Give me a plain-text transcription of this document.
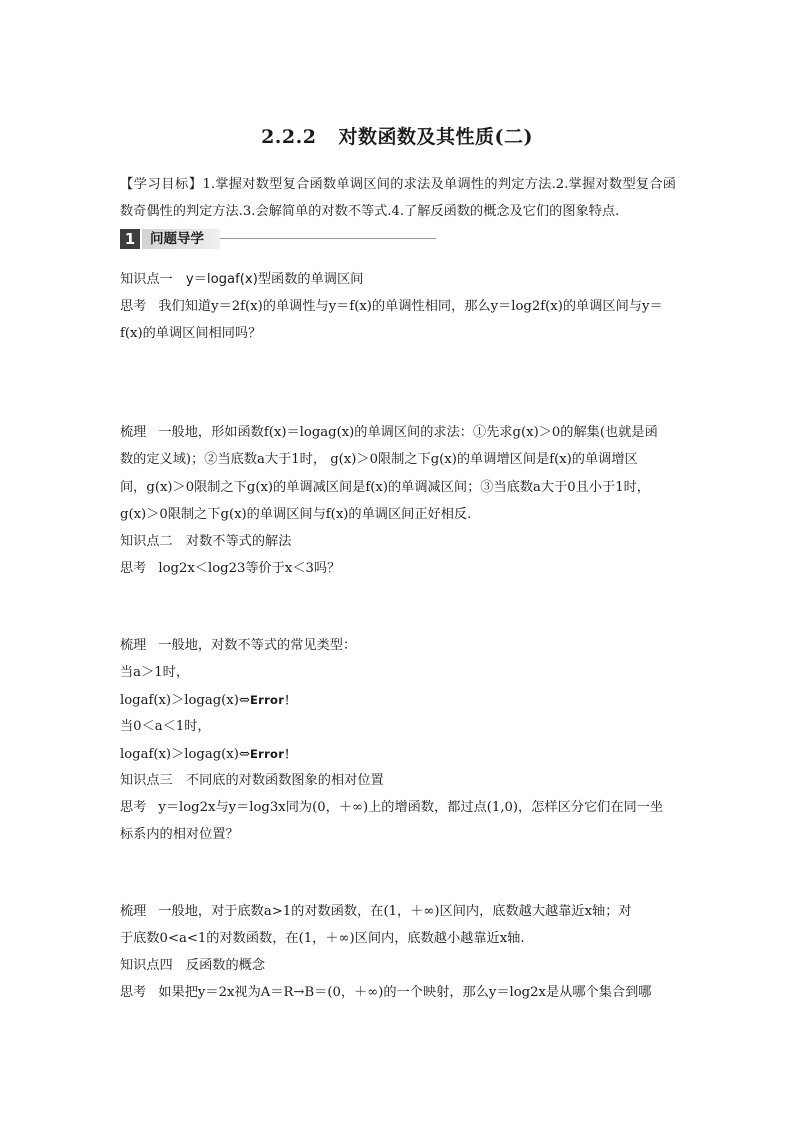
2.2.2 对数函数及其性质(二)
【学习目标】1.掌握对数型复合函数单调区间的求法及单调性的判定方法.2.掌握对数型复合函数奇偶性的判定方法.3.会解简单的对数不等式.4.了解反函数的概念及它们的图象特点.
1	问题导学
知识点一　y＝logaf(x)型函数的单调区间
思考 我们知道y＝2f(x)的单调性与y＝f(x)的单调性相同，那么y＝log2f(x)的单调区间与y＝
f(x)的单调区间相同吗？
梳理 一般地，形如函数f(x)＝logag(x)的单调区间的求法：①先求g(x)＞0的解集(也就是函
数的定义域)；②当底数a大于1时， g(x)＞0限制之下g(x)的单调增区间是f(x)的单调增区
间，g(x)＞0限制之下g(x)的单调减区间是f(x)的单调减区间；③当底数a大于0且小于1时，
g(x)＞0限制之下g(x)的单调区间与f(x)的单调区间正好相反.
知识点二　对数不等式的解法
思考 log2x＜log23等价于x＜3吗？
梳理 一般地，对数不等式的常见类型：
当a＞1时，
logaf(x)＞logag(x)⇔Error！
当0＜a＜1时，
logaf(x)＞logag(x)⇔Error！
知识点三　不同底的对数函数图象的相对位置
思考 y＝log2x与y＝log3x同为(0，＋∞)上的增函数，都过点(1,0)，怎样区分它们在同一坐
标系内的相对位置？
梳理 一般地，对于底数a>1的对数函数，在(1，＋∞)区间内，底数越大越靠近x轴；对
于底数0<a<1的对数函数，在(1，＋∞)区间内，底数越小越靠近x轴.
知识点四　反函数的概念
思考 如果把y＝2x视为A＝R→B＝(0，＋∞)的一个映射，那么y＝log2x是从哪个集合到哪
